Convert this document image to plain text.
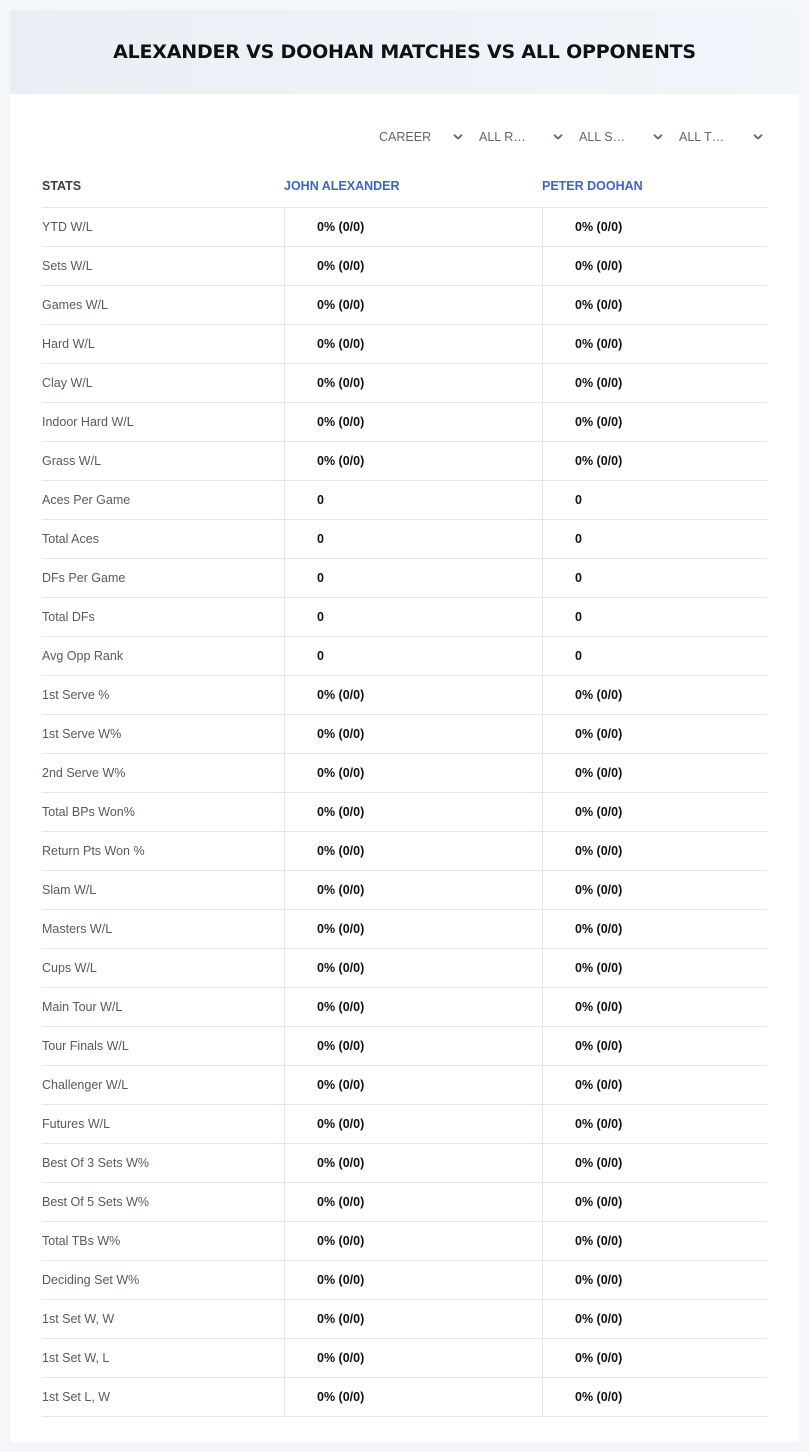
ALEXANDER VS DOOHAN MATCHES VS ALL OPPONENTS
CAREER	ALL R…	ALL S…	ALL T…
STATS	JOHN ALEXANDER	PETER DOOHAN
YTD W/L	0% (0/0)	0% (0/0)
Sets W/L	0% (0/0)	0% (0/0)
Games W/L	0% (0/0)	0% (0/0)
Hard W/L	0% (0/0)	0% (0/0)
Clay W/L	0% (0/0)	0% (0/0)
Indoor Hard W/L	0% (0/0)	0% (0/0)
Grass W/L	0% (0/0)	0% (0/0)
Aces Per Game	0	0
Total Aces	0	0
DFs Per Game	0	0
Total DFs	0	0
Avg Opp Rank	0	0
1st Serve %	0% (0/0)	0% (0/0)
1st Serve W%	0% (0/0)	0% (0/0)
2nd Serve W%	0% (0/0)	0% (0/0)
Total BPs Won%	0% (0/0)	0% (0/0)
Return Pts Won %	0% (0/0)	0% (0/0)
Slam W/L	0% (0/0)	0% (0/0)
Masters W/L	0% (0/0)	0% (0/0)
Cups W/L	0% (0/0)	0% (0/0)
Main Tour W/L	0% (0/0)	0% (0/0)
Tour Finals W/L	0% (0/0)	0% (0/0)
Challenger W/L	0% (0/0)	0% (0/0)
Futures W/L	0% (0/0)	0% (0/0)
Best Of 3 Sets W%	0% (0/0)	0% (0/0)
Best Of 5 Sets W%	0% (0/0)	0% (0/0)
Total TBs W%	0% (0/0)	0% (0/0)
Deciding Set W%	0% (0/0)	0% (0/0)
1st Set W, W	0% (0/0)	0% (0/0)
1st Set W, L	0% (0/0)	0% (0/0)
1st Set L, W	0% (0/0)	0% (0/0)
